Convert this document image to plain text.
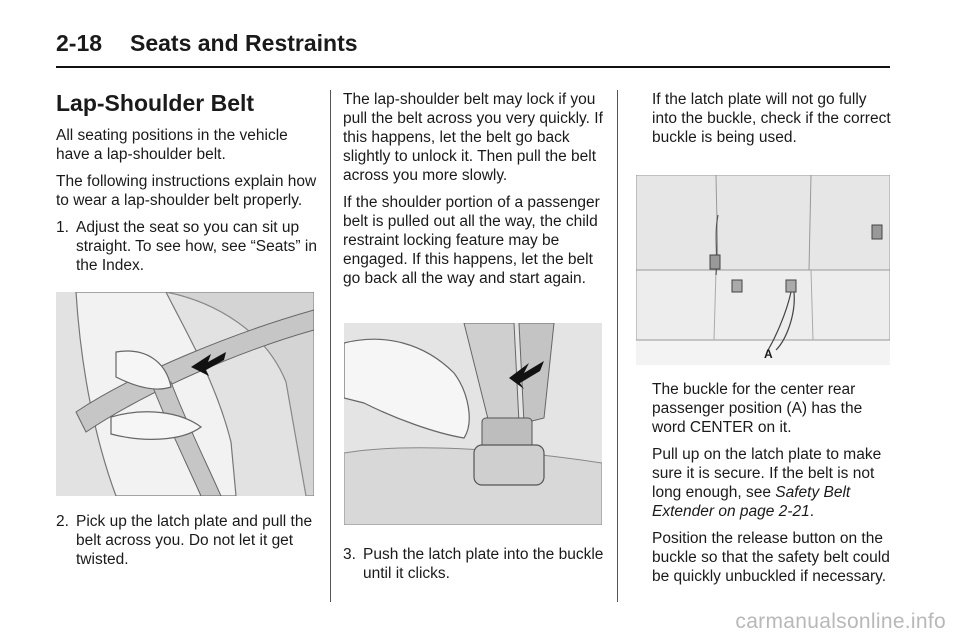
2-18 Seats and Restraints
Lap-Shoulder Belt

All seating positions in the vehicle have a lap-shoulder belt.

The following instructions explain how to wear a lap-shoulder belt properly.

1. Adjust the seat so you can sit up straight. To see how, see “Seats” in the Index.
2. Pick up the latch plate and pull the belt across you. Do not let it get twisted.

The lap-shoulder belt may lock if you pull the belt across you very quickly. If this happens, let the belt go back slightly to unlock it. Then pull the belt across you more slowly.

If the shoulder portion of a passenger belt is pulled out all the way, the child restraint locking feature may be engaged. If this happens, let the belt go back all the way and start again.

3. Push the latch plate into the buckle until it clicks.

If the latch plate will not go fully into the buckle, check if the correct buckle is being used.

A

The buckle for the center rear passenger position (A) has the word CENTER on it.

Pull up on the latch plate to make sure it is secure. If the belt is not long enough, see Safety Belt Extender on page 2-21.

Position the release button on the buckle so that the safety belt could be quickly unbuckled if necessary.

carmanualsonline.info
